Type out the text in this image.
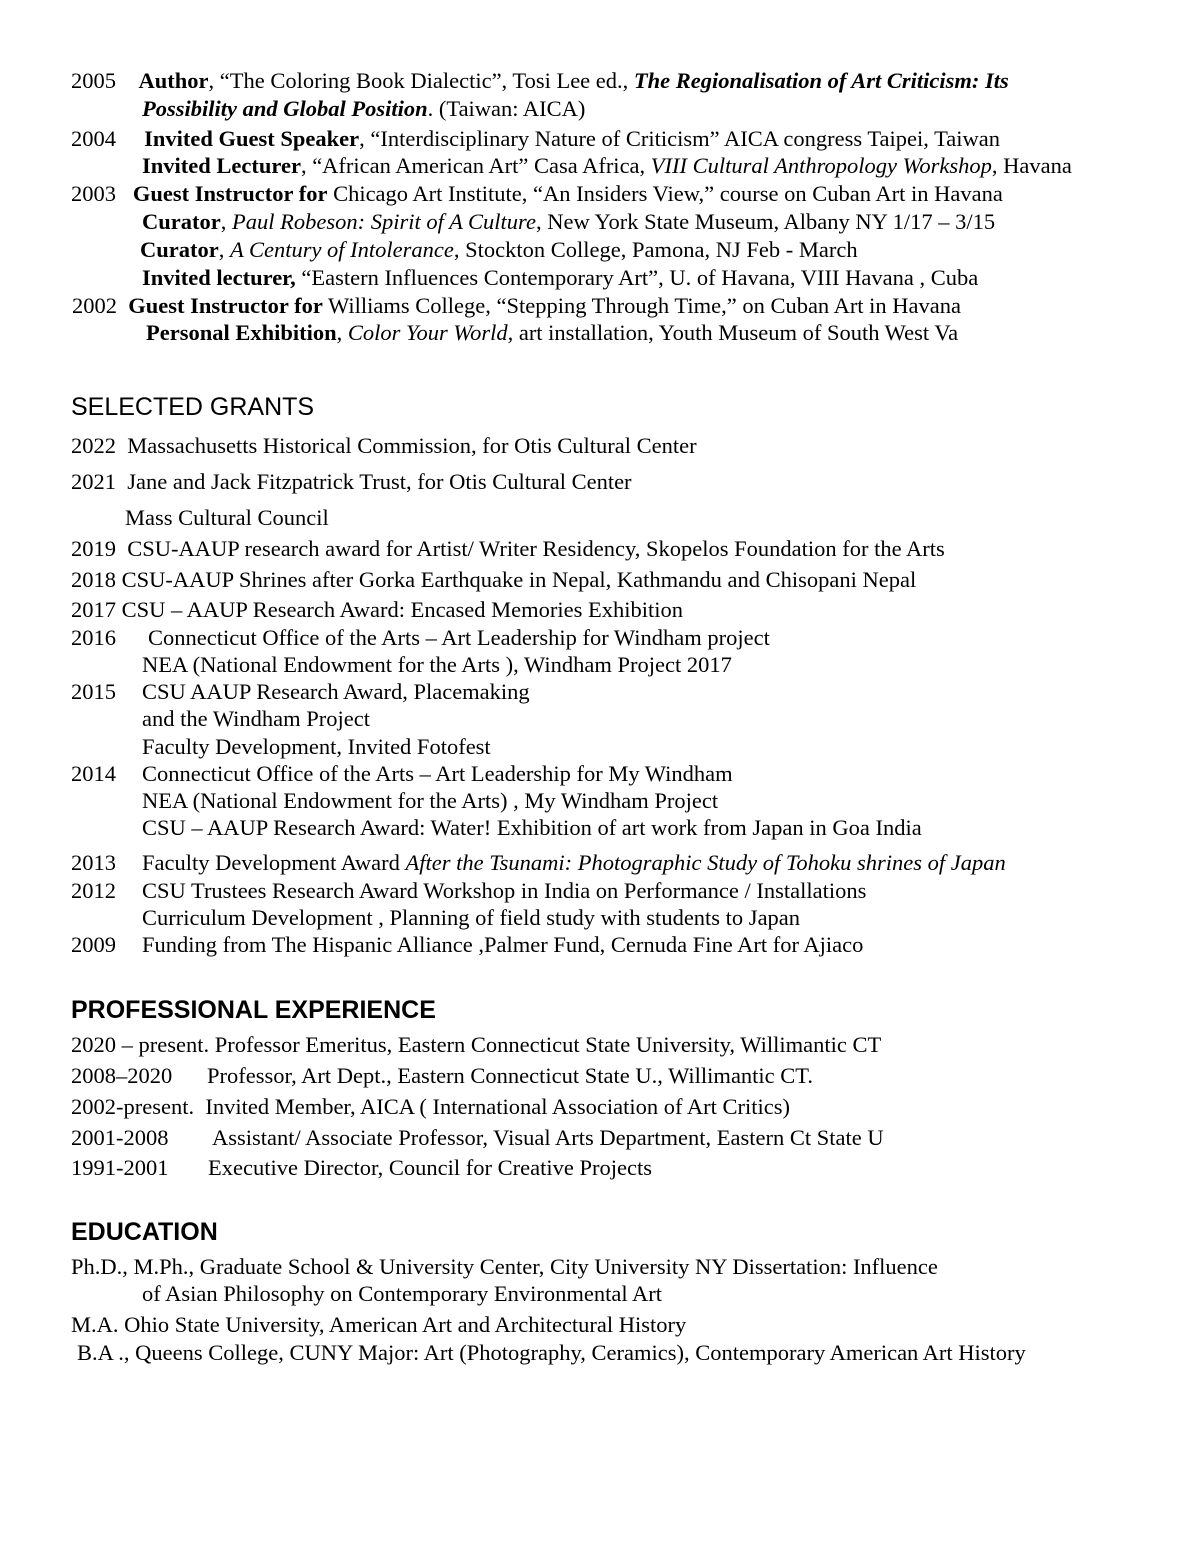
2005 Author, “The Coloring Book Dialectic”, Tosi Lee ed., The Regionalisation of Art Criticism: Its
Possibility and Global Position. (Taiwan: AICA)
2004 Invited Guest Speaker, “Interdisciplinary Nature of Criticism” AICA congress Taipei, Taiwan
Invited Lecturer, “African American Art” Casa Africa, VIII Cultural Anthropology Workshop, Havana
2003 Guest Instructor for Chicago Art Institute, “An Insiders View,” course on Cuban Art in Havana
Curator, Paul Robeson: Spirit of A Culture, New York State Museum, Albany NY 1/17 – 3/15
Curator, A Century of Intolerance, Stockton College, Pamona, NJ Feb - March
Invited lecturer, “Eastern Influences Contemporary Art”, U. of Havana, VIII Havana , Cuba
2002 Guest Instructor for Williams College, “Stepping Through Time,” on Cuban Art in Havana
Personal Exhibition, Color Your World, art installation, Youth Museum of South West Va
SELECTED GRANTS
2022 Massachusetts Historical Commission, for Otis Cultural Center
2021 Jane and Jack Fitzpatrick Trust, for Otis Cultural Center
Mass Cultural Council
2019 CSU-AAUP research award for Artist/ Writer Residency, Skopelos Foundation for the Arts
2018 CSU-AAUP Shrines after Gorka Earthquake in Nepal, Kathmandu and Chisopani Nepal
2017 CSU – AAUP Research Award: Encased Memories Exhibition
2016 Connecticut Office of the Arts – Art Leadership for Windham project
NEA (National Endowment for the Arts ), Windham Project 2017
2015 CSU AAUP Research Award, Placemaking
and the Windham Project
Faculty Development, Invited Fotofest
2014 Connecticut Office of the Arts – Art Leadership for My Windham
NEA (National Endowment for the Arts) , My Windham Project
CSU – AAUP Research Award: Water! Exhibition of art work from Japan in Goa India
2013 Faculty Development Award After the Tsunami: Photographic Study of Tohoku shrines of Japan
2012 CSU Trustees Research Award Workshop in India on Performance / Installations
Curriculum Development , Planning of field study with students to Japan
2009 Funding from The Hispanic Alliance ,Palmer Fund, Cernuda Fine Art for Ajiaco
PROFESSIONAL EXPERIENCE
2020 – present. Professor Emeritus, Eastern Connecticut State University, Willimantic CT
2008–2020 Professor, Art Dept., Eastern Connecticut State U., Willimantic CT.
2002-present. Invited Member, AICA ( International Association of Art Critics)
2001-2008 Assistant/ Associate Professor, Visual Arts Department, Eastern Ct State U
1991-2001 Executive Director, Council for Creative Projects
EDUCATION
Ph.D., M.Ph., Graduate School & University Center, City University NY Dissertation: Influence
of Asian Philosophy on Contemporary Environmental Art
M.A. Ohio State University, American Art and Architectural History
B.A ., Queens College, CUNY Major: Art (Photography, Ceramics), Contemporary American Art History
